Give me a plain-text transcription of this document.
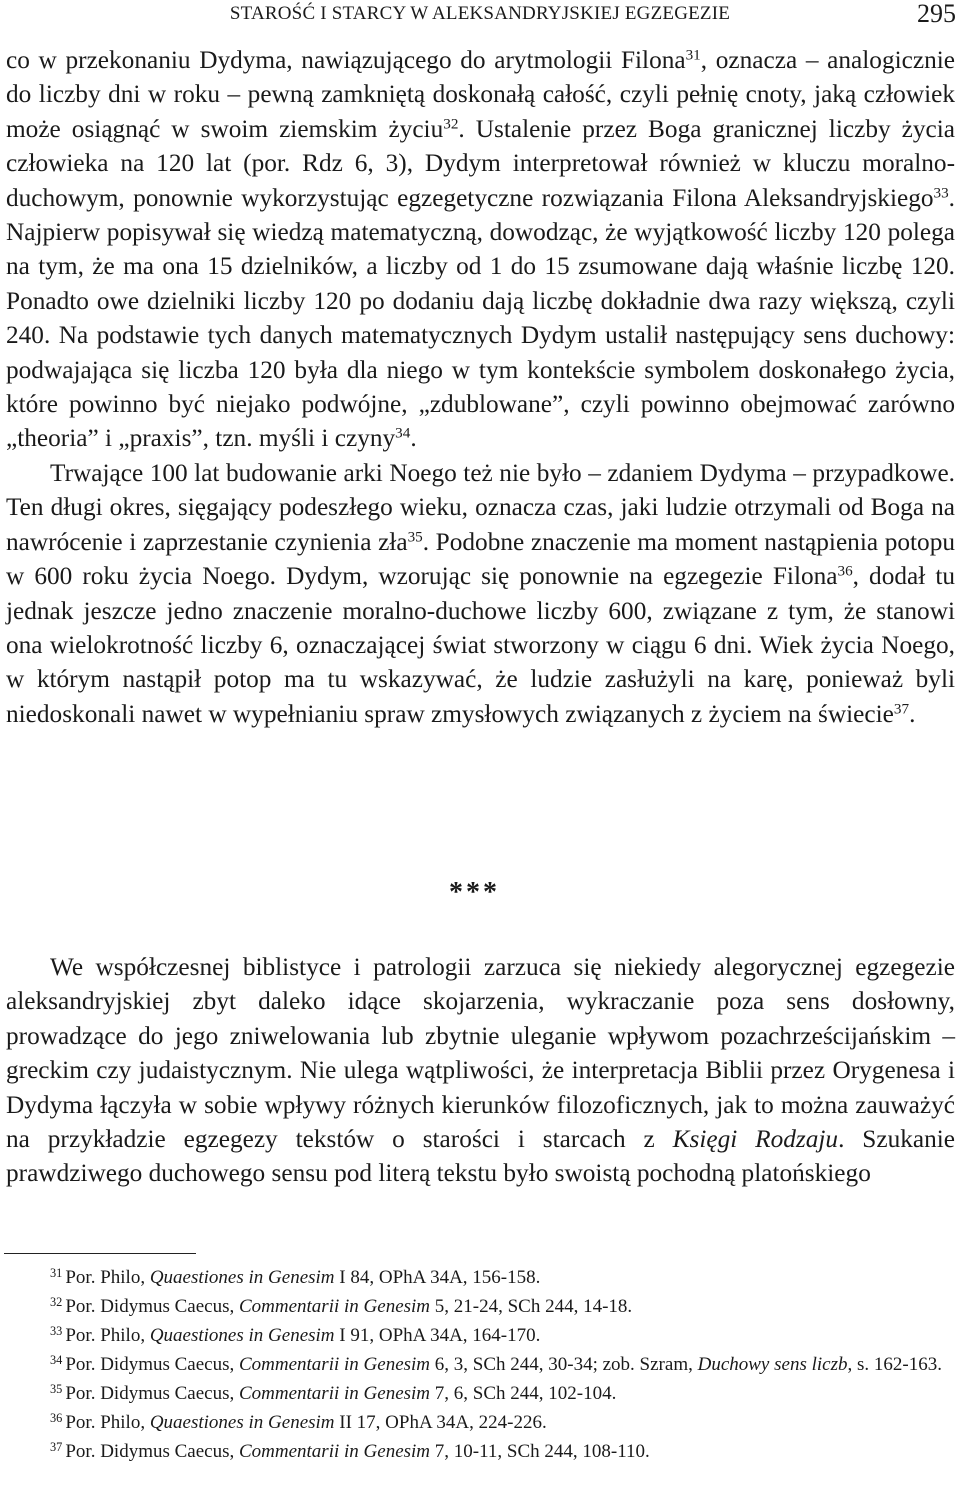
STAROŚĆ I STARCY W ALEKSANDRYJSKIEJ EGZEGEZIE	295

co w przekonaniu Dydyma, nawiązującego do arytmologii Filona$^{31}$, oznacza – analogicznie do liczby dni w roku – pewną zamkniętą doskonałą całość, czyli pełnię cnoty, jaką człowiek może osiągnąć w swoim ziemskim życiu$^{32}$. Ustalenie przez Boga granicznej liczby życia człowieka na 120 lat (por. Rdz 6, 3), Dydym interpretował również w kluczu moralno-duchowym, ponownie wykorzystując egzegetyczne rozwiązania Filona Aleksandryjskiego$^{33}$. Najpierw popisywał się wiedzą matematyczną, dowodząc, że wyjątkowość liczby 120 polega na tym, że ma ona 15 dzielników, a liczby od 1 do 15 zsumowane dają właśnie liczbę 120. Ponadto owe dzielniki liczby 120 po dodaniu dają liczbę dokładnie dwa razy większą, czyli 240. Na podstawie tych danych matematycznych Dydym ustalił następujący sens duchowy: podwajająca się liczba 120 była dla niego w tym kontekście symbolem doskonałego życia, które powinno być niejako podwójne, „zdublowane”, czyli powinno obejmować zarówno „theoria” i „praxis”, tzn. myśli i czyny$^{34}$.

Trwające 100 lat budowanie arki Noego też nie było – zdaniem Dydyma – przypadkowe. Ten długi okres, sięgający podeszłego wieku, oznacza czas, jaki ludzie otrzymali od Boga na nawrócenie i zaprzestanie czynienia zła$^{35}$. Podobne znaczenie ma moment nastąpienia potopu w 600 roku życia Noego. Dydym, wzorując się ponownie na egzegezie Filona$^{36}$, dodał tu jednak jeszcze jedno znaczenie moralno-duchowe liczby 600, związane z tym, że stanowi ona wielokrotność liczby 6, oznaczającej świat stworzony w ciągu 6 dni. Wiek życia Noego, w którym nastąpił potop ma tu wskazywać, że ludzie zasłużyli na karę, ponieważ byli niedoskonali nawet w wypełnianiu spraw zmysłowych związanych z życiem na świecie$^{37}$.

***

We współczesnej biblistyce i patrologii zarzuca się niekiedy alegorycznej egzegezie aleksandryjskiej zbyt daleko idące skojarzenia, wykraczanie poza sens dosłowny, prowadzące do jego zniwelowania lub zbytnie uleganie wpływom pozachrześcijańskim – greckim czy judaistycznym. Nie ulega wątpliwości, że interpretacja Biblii przez Orygenesa i Dydyma łączyła w sobie wpływy różnych kierunków filozoficznych, jak to można zauważyć na przykładzie egzegezy tekstów o starości i starcach z Księgi Rodzaju. Szukanie prawdziwego duchowego sensu pod literą tekstu było swoistą pochodną platońskiego

$^{31}$ Por. Philo, Quaestiones in Genesim I 84, OPhA 34A, 156-158.

$^{32}$ Por. Didymus Caecus, Commentarii in Genesim 5, 21-24, SCh 244, 14-18.

$^{33}$ Por. Philo, Quaestiones in Genesim I 91, OPhA 34A, 164-170.

$^{34}$ Por. Didymus Caecus, Commentarii in Genesim 6, 3, SCh 244, 30-34; zob. Szram, Duchowy sens liczb, s. 162-163.

$^{35}$ Por. Didymus Caecus, Commentarii in Genesim 7, 6, SCh 244, 102-104.

$^{36}$ Por. Philo, Quaestiones in Genesim II 17, OPhA 34A, 224-226.

$^{37}$ Por. Didymus Caecus, Commentarii in Genesim 7, 10-11, SCh 244, 108-110.
